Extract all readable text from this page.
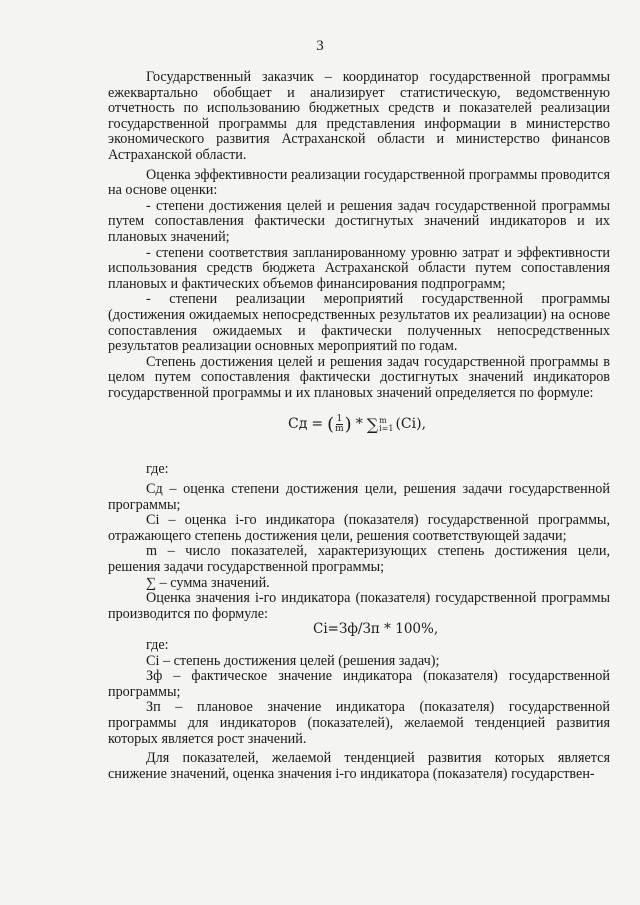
3

Государственный заказчик – координатор государственной программы ежеквартально обобщает и анализирует статистическую, ведомственную отчетность по использованию бюджетных средств и показателей реализации государственной программы для представления информации в министерство экономического развития Астраханской области и министерство финансов Астраханской области.

Оценка эффективности реализации государственной программы проводится на основе оценки:

- степени достижения целей и решения задач государственной программы путем сопоставления фактически достигнутых значений индикаторов и их плановых значений;

- степени соответствия запланированному уровню затрат и эффективности использования средств бюджета Астраханской области путем сопоставления плановых и фактических объемов финансирования подпрограмм;

- степени реализации мероприятий государственной программы (достижения ожидаемых непосредственных результатов их реализации) на основе сопоставления ожидаемых и фактически полученных непосредственных результатов реализации основных мероприятий по годам.

Степень достижения целей и решения задач государственной программы в целом путем сопоставления фактически достигнутых значений индикаторов государственной программы и их плановых значений определяется по формуле:

Сд = ( $\frac{1}{m}$ ) * ∑ m
i=1 (Ci),

где:

Сд – оценка степени достижения цели, решения задачи государственной программы;

Ci – оценка i-го индикатора (показателя) государственной программы, отражающего степень достижения цели, решения соответствующей задачи;

m – число показателей, характеризующих степень достижения цели, решения задачи государственной программы;

∑ – сумма значений.

Оценка значения i-го индикатора (показателя) государственной программы производится по формуле:

Ci=Зф/Зп * 100%,

где:

Ci – степень достижения целей (решения задач);

Зф – фактическое значение индикатора (показателя) государственной программы;

Зп – плановое значение индикатора (показателя) государственной программы для индикаторов (показателей), желаемой тенденцией развития которых является рост значений.

Для показателей, желаемой тенденцией развития которых является снижение значений, оценка значения i-го индикатора (показателя) государствен-
